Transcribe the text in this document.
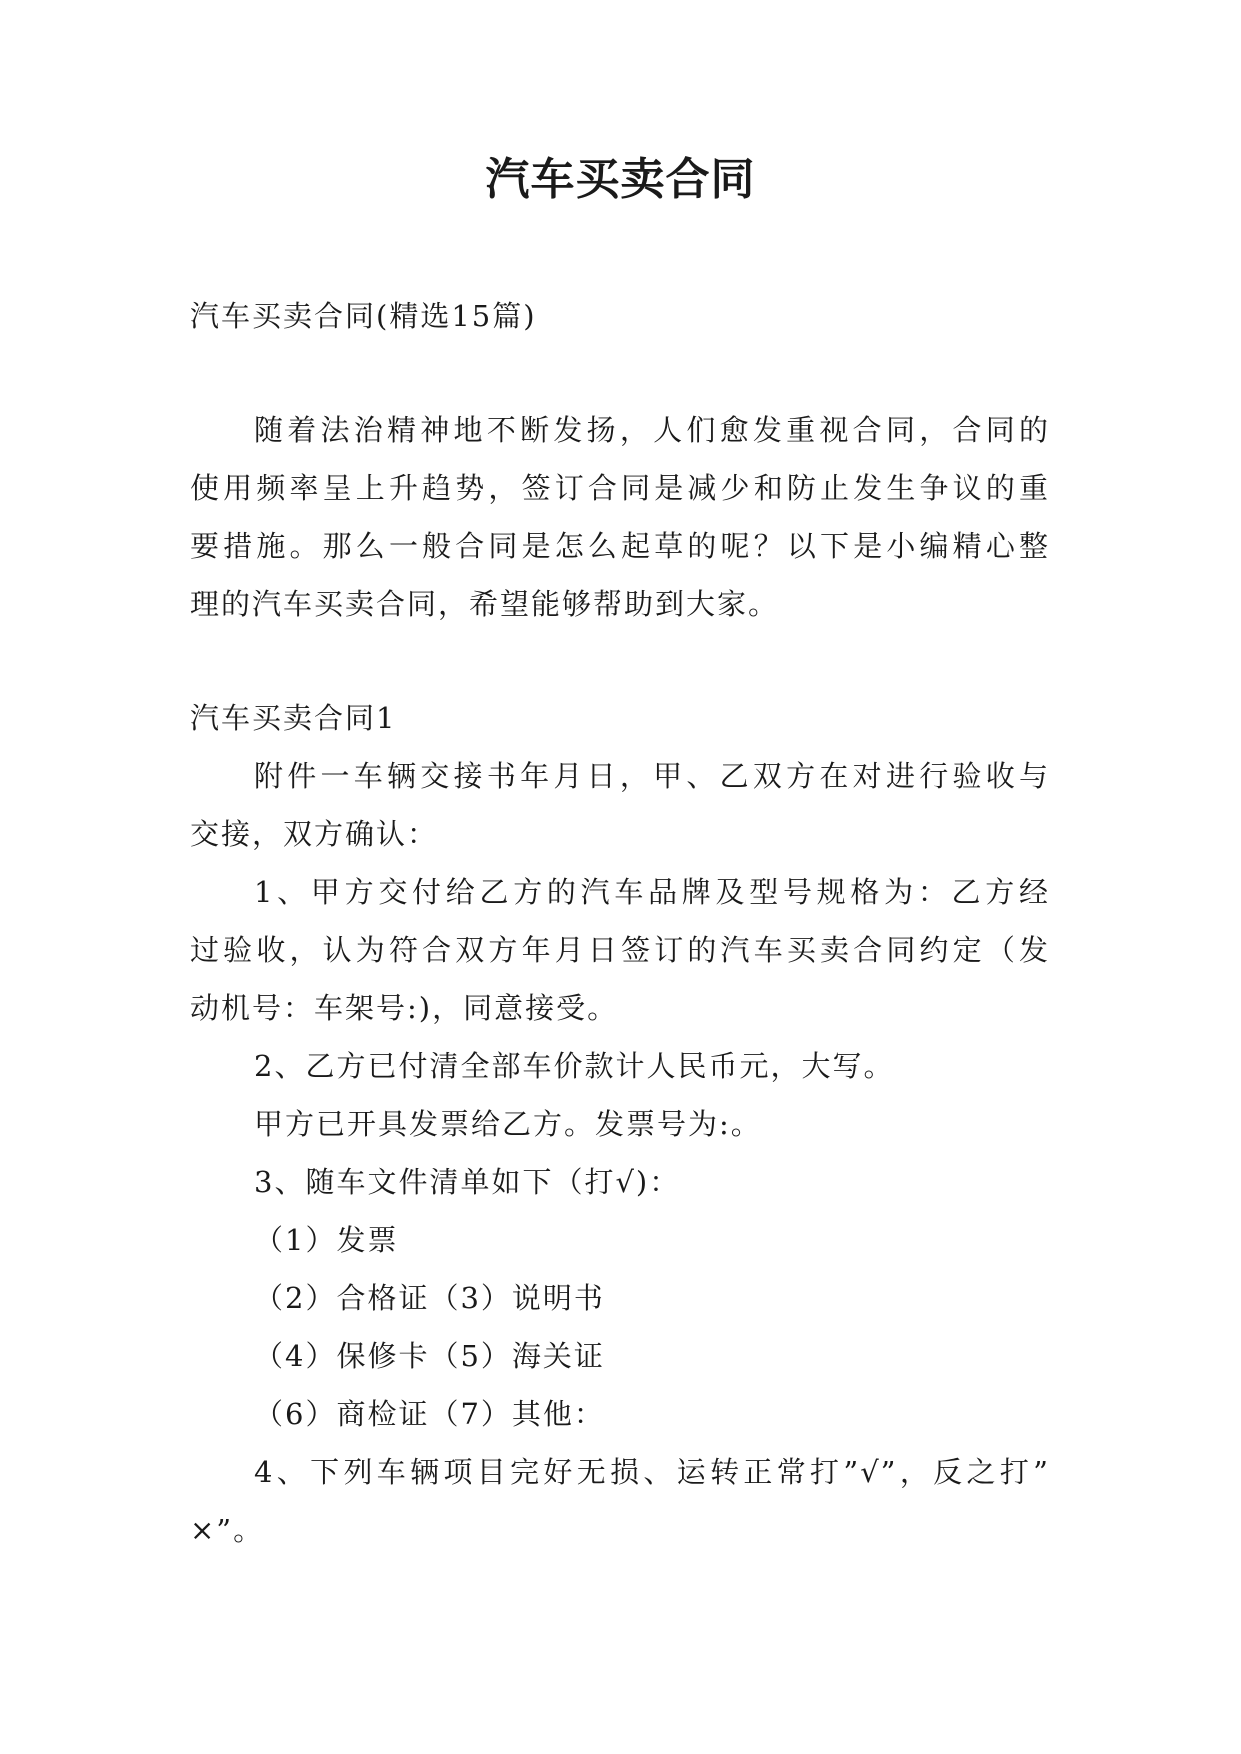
汽车买卖合同
汽车买卖合同(精选15篇)
随着法治精神地不断发扬，人们愈发重视合同，合同的
使用频率呈上升趋势，签订合同是减少和防止发生争议的重
要措施。那么一般合同是怎么起草的呢？以下是小编精心整
理的汽车买卖合同，希望能够帮助到大家。
汽车买卖合同1
附件一车辆交接书年月日，甲、乙双方在对进行验收与
交接，双方确认：
1、甲方交付给乙方的汽车品牌及型号规格为：乙方经
过验收，认为符合双方年月日签订的汽车买卖合同约定（发
动机号：车架号:)，同意接受。
2、乙方已付清全部车价款计人民币元，大写。
甲方已开具发票给乙方。发票号为:。
3、随车文件清单如下（打√)：
（1）发票
（2）合格证（3）说明书
（4）保修卡（5）海关证
（6）商检证（7）其他：
4、下列车辆项目完好无损、运转正常打”√”，反之打”
×”。
